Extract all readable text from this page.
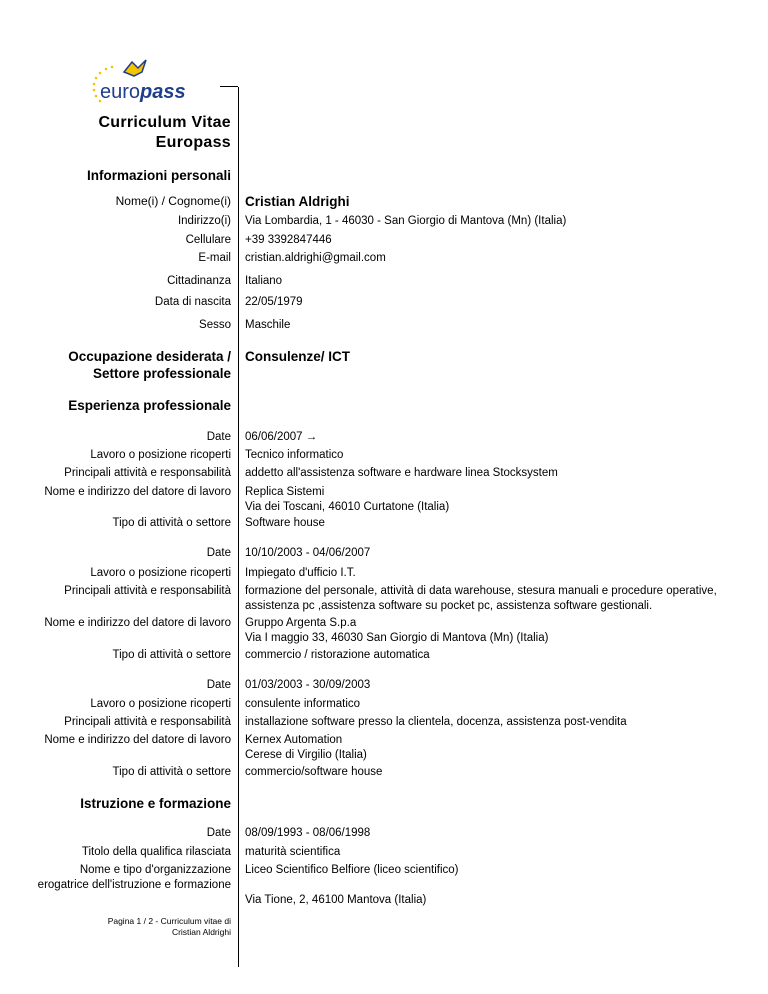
europass
Curriculum Vitae
Europass
Informazioni personali
Nome(i) / Cognome(i) Cristian Aldrighi
Indirizzo(i) Via Lombardia, 1 - 46030 - San Giorgio di Mantova (Mn) (Italia)
Cellulare +39 3392847446
E-mail cristian.aldrighi@gmail.com
Cittadinanza Italiano
Data di nascita 22/05/1979
Sesso Maschile
Occupazione desiderata /
Settore professionale
Consulenze/ ICT
Esperienza professionale
Date 06/06/2007 →
Lavoro o posizione ricoperti Tecnico informatico
Principali attività e responsabilità addetto all'assistenza software e hardware linea Stocksystem
Nome e indirizzo del datore di lavoro Replica Sistemi
Via dei Toscani, 46010 Curtatone (Italia)
Tipo di attività o settore Software house
Date 10/10/2003 - 04/06/2007
Lavoro o posizione ricoperti Impiegato d'ufficio I.T.
Principali attività e responsabilità formazione del personale, attività di data warehouse, stesura manuali e procedure operative,
assistenza pc ,assistenza software su pocket pc, assistenza software gestionali.
Nome e indirizzo del datore di lavoro Gruppo Argenta S.p.a
Via I maggio 33, 46030 San Giorgio di Mantova (Mn) (Italia)
Tipo di attività o settore commercio / ristorazione automatica
Date 01/03/2003 - 30/09/2003
Lavoro o posizione ricoperti consulente informatico
Principali attività e responsabilità installazione software presso la clientela, docenza, assistenza post-vendita
Nome e indirizzo del datore di lavoro Kernex Automation
Cerese di Virgilio (Italia)
Tipo di attività o settore commercio/software house
Istruzione e formazione
Date 08/09/1993 - 08/06/1998
Titolo della qualifica rilasciata maturità scientifica
Nome e tipo d'organizzazione
erogatrice dell'istruzione e formazione
Liceo Scientifico Belfiore (liceo scientifico)
Via Tione, 2, 46100 Mantova (Italia)
Pagina 1 / 2 - Curriculum vitae di
Cristian Aldrighi
